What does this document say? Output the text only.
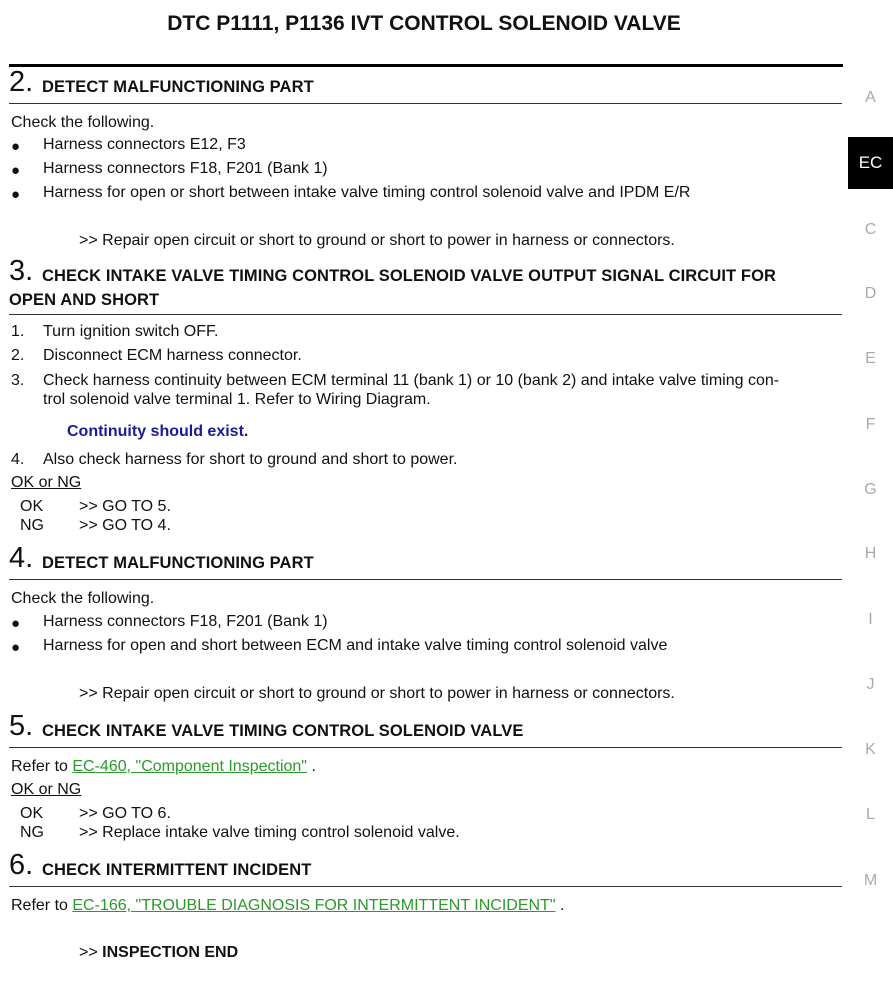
DTC P1111, P1136 IVT CONTROL SOLENOID VALVE
2. DETECT MALFUNCTIONING PART
Check the following.
● Harness connectors E12, F3
● Harness connectors F18, F201 (Bank 1)
● Harness for open or short between intake valve timing control solenoid valve and IPDM E/R
>> Repair open circuit or short to ground or short to power in harness or connectors.
3. CHECK INTAKE VALVE TIMING CONTROL SOLENOID VALVE OUTPUT SIGNAL CIRCUIT FOR
OPEN AND SHORT
1. Turn ignition switch OFF.
2. Disconnect ECM harness connector.
3. Check harness continuity between ECM terminal 11 (bank 1) or 10 (bank 2) and intake valve timing con-
trol solenoid valve terminal 1. Refer to Wiring Diagram.
Continuity should exist.
4. Also check harness for short to ground and short to power.
OK or NG
OK >> GO TO 5.
NG >> GO TO 4.
4. DETECT MALFUNCTIONING PART
Check the following.
● Harness connectors F18, F201 (Bank 1)
● Harness for open and short between ECM and intake valve timing control solenoid valve
>> Repair open circuit or short to ground or short to power in harness or connectors.
5. CHECK INTAKE VALVE TIMING CONTROL SOLENOID VALVE
Refer to EC-460, "Component Inspection" .
OK or NG
OK >> GO TO 6.
NG >> Replace intake valve timing control solenoid valve.
6. CHECK INTERMITTENT INCIDENT
Refer to EC-166, "TROUBLE DIAGNOSIS FOR INTERMITTENT INCIDENT" .
>> INSPECTION END
A
EC
C
D
E
F
G
H
I
J
K
L
M
